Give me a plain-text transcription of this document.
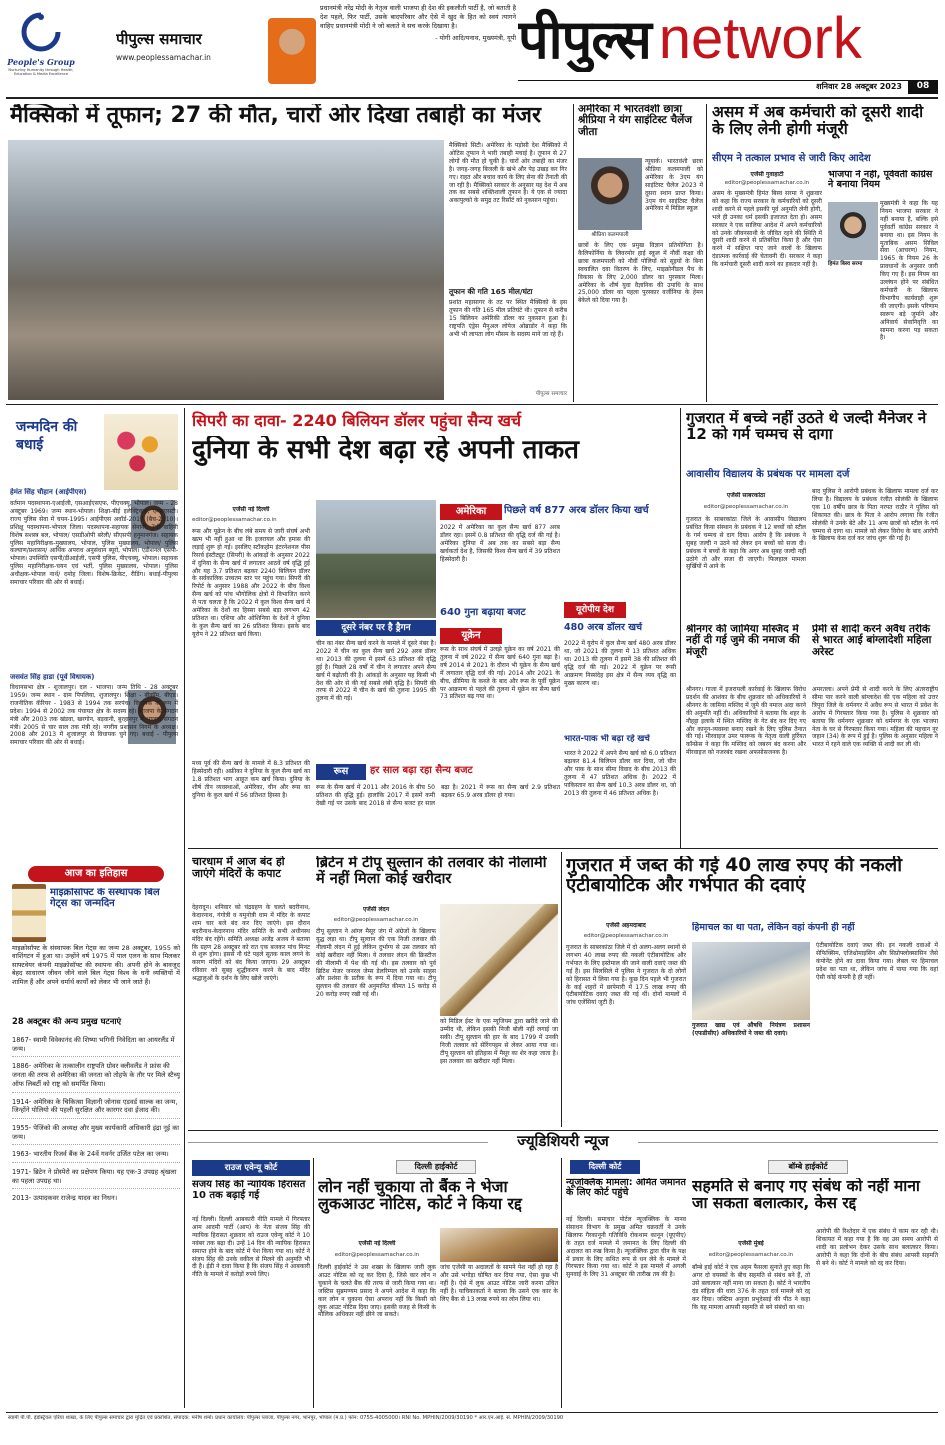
People's Group
Nurturing Humanity through Health, Education & Media Excellence
पीपुल्स समाचार
www.peoplessamachar.in
प्रधानमंत्री नरेंद्र मोदी के नेतृत्व वाली भाजपा ही देश की इकलौती पार्टी है, जो बताती है देश पहले, फिर पार्टी, उसके बादपरिवार और ऐसे में खुद के हित को स्वयं त्यागने वाहिए प्रधानमंत्री मोदी ने जो बलाते वे सच करके दिखाया है।
- योगी आदित्यनाथ, मुख्यमंत्री, यूपी पीपुल्स network
शनिवार 28 अक्टूबर 2023	08
मैक्सिको में तूफान; 27 की मौत, चारों ओर दिखा तबाही का मंजर
मैक्सिको सिटी। अमेरिका के पड़ोसी देश मैक्सिको में ओटिस तूफान ने भारी तबाही मचाई है। तूफान से 27 लोगों की मौत हो चुकी है। चारों ओर तबाही का मंजर है। जगह-जगह बिजली के खंभे और पेड़ उखड़ कर गिर गए। राहत और बचाव कार्य के लिए सेना की तैनाती की जा रही है। मैक्सिको सरकार के अनुसार यह देश में अब तक का सबसे शक्तिशाली तूफान है। ये एक से ज्यादा अकापुल्को के समुद्र तट रिसॉर्ट को नुकसान पहुंचा।
तूफान की गति 165 मील/घंटा
प्रशांत महासागर के तट पर स्थित मैक्सिको के इस तूफान की गति 165 मील प्रतिघंटे थी। तूफान से करीब 15 बिलियन अमेरिकी डॉलर का नुकसान हुआ है। राष्ट्रपति एंड्रेस मैनुअल लोपेज ओब्राडोर ने कहा कि अभी भी लापता लोग मौसम के सदस्य माने जा रहे हैं।
पीपुल्स समाचार
अमेरिका में भारतवंशी छात्रा श्रीप्रिया ने यंग साइंटिस्ट चैलेंज जीता
न्यूयार्क। भारतवंशी छात्रा श्रीप्रिया कलमपाली को अमेरिका के 3एम यंग साइंटिस्ट चैलेंज 2023 में दूसरा स्थान प्राप्त किया। 3एम यंग साइंटिस्ट चैलेंज अमेरिका में मिडिल स्कूल
श्रीप्रिया कलमपाली
छात्रों के लिए एक प्रमुख विज्ञान प्रतियोगिता है। कैलिफोर्निया के लिवरमोर हाई स्कूल में नौवीं कक्षा की छात्रा कलमपाली को नौवीं पोलियों को सूइयों के बिना स्वचालित दवा वितरण के लिए, माइक्रोनीडल पैच के विकास के लिए 2,000 डॉलर का पुरस्कार मिला। अमेरिका के शीर्ष युवा वैज्ञानिक की उपाधि के साथ 25,000 डॉलर का पहला पुरस्कार वर्जीनिया के हेमन बेकेले को दिया गया है।
असम में अब कर्मचारी को दूसरी शादी के लिए लेनी होगी मंजूरी
सीएम ने तत्काल प्रभाव से जारी किए आदेश
एजेंसी गुवाहाटी
editor@peoplessamachar.co.in
असम के मुख्यमंत्री हिमंत बिस्व सरमा ने शुक्रवार को कहा कि राज्य सरकार के कर्मचारियों को दूसरी शादी करने से पहले इसकी पूर्व अनुमति लेनी होगी, भले ही उनका धर्म इसकी इजाजत देता हो। असम सरकार ने एक सालिया आदेश में अपने कर्मचारियों को उनके जीवनसाथी के जीवित रहने की स्थिति में दूसरी शादी करने से प्रतिबंधित किया है और ऐसा करने में सक्षिप्त पाए जाने वालों के खिलाफ दंडात्मक कार्रवाई की चेतावनी दी। सरकार ने कहा कि कर्मचारी दूसरी शादी करने का हकदार नहीं है।
भाजपा ने नहीं, पूर्ववर्ती कांग्रेस ने बनाया नियम
हिमंत बिस्व सरमा
मुख्यमंत्री ने कहा कि यह नियम भाजपा सरकार ने नहीं बनाया है, बल्कि इसे पूर्ववर्ती कांग्रेस सरकार ने बनाया था। इस नियम के मुताबिक असम सिविल सेवा (आचरण) नियम, 1965 के नियम 26 के प्रावधानों के अनुसार जारी किए गए हैं। इस नियम का उल्लंघन होने पर संबंधित कर्मचारी के खिलाफ विभागीय कार्यवाही शुरू की जाएगी। इसके परिणाम स्वरूप बड़े जुर्माने और अनिवार्य सेवानिवृत्ति का सामना करना पड़ सकता है।
जन्मदिन की बधाई
हेमंत सिंह चौहान (आईपीएस)
वर्तमान पदस्थापना-एआईजी, एसआईएसएफ, पीएचक्यू, भोपाल। जन्म - 28 अक्टूबर 1969। जन्म स्थान-भोपाल। शिक्षा-बीई इलेक्ट्रिकल, एमसएसटी। राज्य पुलिस सेवा में चयन-1995। आईपीएस अवॉर्ड-2017 (बैच-2010)। प्रशिक्षु पदस्थापना-भोपाल जिला। पदस्थापना-सहायक सेनानी, 7वीं वाहिनी विशेष सशस्त्र बल, भोपाल/ एसडीओपी बरेली/ सीएसपी हनुमानगंज। सहायक पुलिस महानिरीक्षक-मुख्यालय, भोपाल, पुलिस मुख्यालय, भोपाल/ पुलिस कल्याण/प्रशासन/ आर्थिक अपराध अनुसंधान ब्यूरो, भोपाल। एडीशनल एसपी-भोपाल। उपस्थिति एसपी/डीआईजी, एसपी पुलिस, पीएचक्यू, भोपाल। सहायक पुलिस महानिरीक्षक-चयन एवं भर्ती, पुलिस मुख्यालय, भोपाल। पुलिस अधीक्षक-भोपाल नार्थ/ दमोह जिला। विशेष-क्रिकेट, रीडिंग। बधाई-पीपुल्स समाचार परिवार की ओर से बधाई।
जसवंत सिंह हाडा (पूर्व विधायक)
विधानसभा क्षेत्र - शुजालपुर। दल - भाजपा। जन्म तिथि - 28 अक्टूबर 1959। जन्म स्थान - ग्राम पिपलिया, शुजालपुर। शिक्षा - बीकॉम, बीएड। राजनीतिक कॅरियर - 1983 से 1994 तक सरपंच। विधायक के रूप में प्रदेश। 1994 से 2002 तक पंचायत क्षेत्र के सदस्य रहे। भाजपा के संगठन मंत्री और 2003 तक खंडवा, खरगोन, बड़वानी, बुरहानपुर में भाजपा संगठन मंत्री। 2005 से चार साल तक मंत्री रहे। नगरीय प्रशासन निगम के अध्यक्ष। 2008 और 2013 में शुजालपुर से विधायक चुने गए। बधाई - पीपुल्स समाचार परिवार की ओर से बधाई।
आज का इतिहास
माइक्रोसॉफ्ट के संस्थापक बिल गेट्स का जन्मदिन
माइक्रोसॉफ्ट के संस्थापक बिल गेट्स का जन्म 28 अक्टूबर, 1955 को वाशिंगटन में हुआ था। उन्होंने वर्ष 1975 में पाल एलन के साथ मिलकर साफ्टवेयर कंपनी माइक्रोसॉफ्ट की स्थापना की। अपनी होने के बावजूद बेहद साधारण जीवन जीने वाले बिल गेट्स विश्व के धनी व्यक्तियों में शामिल हैं और अपने धर्मार्थ कार्यों को लेकर भी जाने जाते हैं।
28 अक्टूबर की अन्य प्रमुख घटनाएं
1867- स्वामी विवेकानंद की शिष्या भगिनी निवेदिता का आयरलैंड में जन्म।
1886- अमेरिका के तत्कालीन राष्ट्रपति ग्रोवर क्लीवलैंड ने फ्रांस की जनता की तरफ से अमेरिका की जनता को तोहफे के तौर पर मिले स्टैच्यू ऑफ लिबर्टी को राष्ट्र को समर्पित किया।
1914- अमेरिका के चिकित्सा विज्ञानी जोनास एडवर्ड साल्क का जन्म, जिन्होंने पोलियो की पहली सुरक्षित और कारगर दवा ईजाद की।
1955- पेजिंको की अध्यक्ष और मुख्य कार्यकारी अधिकारी इंद्रा नूई का जन्म।
1963- भारतीय रिजर्व बैंक के 24वें गवर्नर उर्जित पटेल का जन्म।
1971- ब्रिटेन ने प्रोस्पेरो का प्रक्षेपण किया। यह एक-3 उपग्रह श्रृंखला का पहला उपग्रह था।
2013- उत्पादकवर राजेन्द्र यादव का निधन।
सिपरी का दावा- 2240 बिलियन डॉलर पहुंचा सैन्य खर्च
दुनिया के सभी देश बढ़ा रहे अपनी ताकत
एजेंसी नई दिल्ली
editor@peoplessamachar.co.in
रूस और यूक्रेन के बीच लंबे समय से जारी संघर्ष अभी खत्म भी नहीं हुआ था कि इजरायल और हमास की लड़ाई शुरू हो गई। इसलिए स्टॉकहोम इंटरनेशनल पीस रिसर्च इंस्टीट्यूट (सिपरी) के आंकड़ों के अनुसार 2022 में दुनिया के सैन्य खर्च में लगातार आठवें वर्ष वृद्धि हुई और यह 3.7 प्रतिशत बढ़कर 2240 बिलियन डॉलर के सर्वकालिक उच्चतम स्तर पर पहुंच गया। सिपरी की रिपोर्ट के अनुसार 1988 और 2022 के बीच विश्व सैन्य खर्च को पांच भौगोलिक क्षेत्रों में विभाजित करने से पता चलता है कि 2022 में कुल विश्व सैन्य खर्च में अमेरिका के देशों का हिस्सा सबसे बड़ा लगभग 42 प्रतिशत था। एशिया और ओशिनिया के देशों ने दुनिया के कुल सैन्य खर्च का 26 प्रतिशत किया। इसके बाद यूरोप ने 22 प्रतिशत खर्च किया।
मध्य पूर्व की सैन्य खर्च के मामले में 8.3 प्रतिशत की हिस्सेदारी रही। अफ्रीका ने दुनिया के कुल सैन्य खर्च का 1.8 प्रतिशत भाग आहूत कम खर्च किया। दुनिया के शीर्ष तीन व्यवस्थाओं, अमेरिका, चीन और रूस का दुनिया के कुल खर्च में 56 प्रतिशत हिस्सा है।
दूसरे नंबर पर है ड्रैगन
चीन का नंबर सैन्य खर्च करने के मामले में दूसरे नंबर है। 2022 में चीन का कुल सैन्य खर्च 292 अरब डॉलर था। 2013 की तुलना में इसमें 63 प्रतिशत की वृद्धि हुई है। पिछले 28 वर्षों में चीन ने लगातार अपने सैन्य खर्च में बढ़ोतरी की है। आंकड़ों के अनुसार यह किसी भी देश की ओर से की गई सबसे लंबी वृद्धि है। सिपरी की तरफ से 2022 में चीन के खर्च की तुलना 1995 की तुलना में की गई।
अमेरिका	पिछले वर्ष 877 अरब डॉलर किया खर्च
2022 में अमेरिका का कुल सैन्य खर्च 877 अरब डॉलर रहा। इसमें 0.8 प्रतिशत की वृद्धि दर्ज की गई है। अमेरिका दुनिया में अब तक का सबसे बड़ा सैन्य खर्चकर्ता देश है, जिसकी विश्व सैन्य खर्च में 39 प्रतिशत हिस्सेदारी है।
640 गुना बढ़ाया बजट
यूक्रेन
रूस के साथ संघर्ष में उलझे यूक्रेन का वर्ष 2021 की तुलना में वर्ष 2022 में सैन्य खर्च 640 गुना बढ़ा है। वर्ष 2014 से 2021 के दौरान भी यूक्रेन के सैन्य खर्च में लगातार वृद्धि दर्ज की गई। 2014 और 2021 के बीच, क्रीमिया के कब्जे के बाद और रूस के पूर्वी यूक्रेन पर आक्रमण से पहले की तुलना में यूक्रेन का सैन्य खर्च 73 प्रतिशत बढ़ गया था।
यूरोपीय देश
480 अरब डॉलर खर्च
2022 में यूरोप में कुल सैन्य खर्च 480 अरब डॉलर था, जो 2021 की तुलना में 13 प्रतिशत अधिक था। 2013 की तुलना में इसमें 38 की प्रतिशत की वृद्धि दर्ज की गई। 2022 में यूक्रेन पर रूसी आक्रमण निस्संदेह इस क्षेत्र में सैन्य व्यय वृद्धि का मुख्य कारण था।
भारत-पाक भी बढ़ा रहे खर्च
भारत ने 2022 में अपने सैन्य खर्च को 6.0 प्रतिशत बढ़ाकर 81.4 बिलियन डॉलर कर दिया, जो चीन और पाक के साथ सीमा विवाद के बीच 2013 की तुलना में 47 प्रतिशत अधिक है। 2022 में पाकिस्तान का सैन्य खर्च 10.3 अरब डॉलर था, जो 2013 की तुलना में 46 प्रतिशत अधिक है।
रूस	हर साल बढ़ा रहा सैन्य बजट
रूस के सैन्य खर्च में 2011 और 2016 के बीच 50 प्रतिशत की वृद्धि हुई। हालांकि 2017 में इसमें कमी देखी गई पर उसके बाद 2018 से सैन्य बजट हर साल बढ़ा है। 2021 में रूस का सैन्य खर्च 2.9 प्रतिशत बढ़कर 65.9 अरब डॉलर हो गया।
गुजरात में बच्चे नहीं उठते थे जल्दी मैनेजर ने 12 को गर्म चम्मच से दागा
आवासीय विद्यालय के प्रबंधक पर मामला दर्ज
एजेंसी साबरकांठा
editor@peoplessamachar.co.in
गुजरात के साबरकांठा जिले के आवासीय विद्यालय प्रबंधित किया संस्थान के प्रबंधक ने 12 बच्चों को स्टील के गर्म चम्मच से दाग दिया। आरोप है कि प्रबंधक ने सुबह जल्दी न उठने को लेकर इन बच्चों को सजा दी। प्रबंधक ने बच्चों के कहा कि अगर अब सुबह जल्दी नहीं उठोगे तो और सजा दी जाएगी। फिलहाल मामला सुर्खियों में आने के
बाद पुलिस ने आरोपी प्रबंधक के खिलाफ मामला दर्ज कर लिया है। विद्यालय के प्रबंधक रंजीत सोलंकी के खिलाफ एक 10 वर्षीय छात्र के पिता नरपत राठौर ने पुलिस को शिकायत की। छात्र के पिता ने आरोप लगाया कि रंजीत सोलंकी ने उनके बेटे और 11 अन्य छात्रों को स्टील के गर्म चम्मच से दागा था। मामले को लेकर विरोध के बाद आरोपी के खिलाफ केस दर्ज कर जांच शुरू की गई है।
श्रीनगर की जामिया मस्जिद में नहीं दी गई जुमे की नमाज की मंजूरी
श्रीनगर। गाजा में इजरायली कार्रवाई के खिलाफ विरोध प्रदर्शन की आशंका के बीच शुक्रवार को अधिकारियों ने श्रीनगर के जामिया मस्जिद में जुमे की नमाज अदा करने की अनुमति नहीं दी। अधिकारियों ने बताया कि शहर के नौहट्टा इलाके में स्थित मस्जिद के गेट बंद कर दिए गए और कानून-व्यवस्था बनाए रखने के लिए पुलिस तैनात की गई। मीरवाइज उमर फारूक के नेतृत्व वाली हुर्रियत कॉन्फ्रेंस ने कहा कि मस्जिद को जबरन बंद करना और मीरवाइज को नजरबंद रखना अफसोसजनक है।
प्रेमी से शादी करने अवैध तरीके से भारत आई बांग्लादेशी महिला अरेस्ट
अमरतला। अपने प्रेमी से शादी करने के लिए अंतरराष्ट्रीय सीमा पार करने वाली बांग्लादेश की एक महिला को उत्तर त्रिपुरा जिले के धर्मनगर में अवैध रूप से भारत में प्रवेश के आरोप में गिरफ्तार किया गया है। पुलिस ने शुक्रवार को बताया कि धर्मनगर शुक्रवार को धर्मनगर के एक भाजपा नेता के घर से गिरफ्तार किया गया। महिला की पहचान नूर जहान (34) के रूप में हुई है। पुलिस के अनुसार महिला ने भारत में रहने वाले एक व्यक्ति से शादी कर ली थी।
चारधाम में आज बंद हो जाएंगे मंदिरों के कपाट
देहरादून। शनिवार को चंद्रग्रहण के चलते बदरीनाथ, केदारनाथ, गंगोत्री व यमुनोत्री धाम में मंदिर के कपाट शाम चार बजे बंद कर दिए जाएंगे। इस दौरान बदरीनाथ-केदारनाथ मंदिर समिति के सभी अधीनस्थ मंदिर बंद रहेंगे। समिति अध्यक्ष अजेंद्र अजय ने बताया कि ग्रहण 28 अक्टूबर को रात एक बजकर पांच मिनट से शुरू होगा। इससे नौ घंटे पहले सूतक काल लगने के कारण मंदिरों को बंद किया जाएगा। 29 अक्टूबर रविवार को सुबह शुद्धीकरण करने के बाद मंदिर श्रद्धालुओं के दर्शन के लिए खोले जाएंगे।
ब्रिटेन में टीपू सुल्तान की तलवार की नीलामी में नहीं मिला कोई खरीदार
एजेंसी लंदन
editor@peoplessamachar.co.in
टीपू सुल्तान ने आंग्ल मैसूर जंग में अंग्रेजों के खिलाफ युद्ध लड़ा था। टीपू सुल्तान की एक निजी तलवार की नीलामी लंदन में हुई लेकिन दुर्भाग्य से उस तलवार को कोई खरीदार नहीं मिला। ये तलवार लंदन की क्रिस्टीज की नीलामी में पेश की गई थी। इस तलवार को पूर्व ब्रिटिश मेजर जनरल जेम्स डेलरिम्पल को उनके साहस और प्रशंसा के प्रतीक के रूप में दिया गया था। टीपू सुल्तान की तलवार की अनुमानित कीमत 15 करोड़ से 20 करोड़ रुपए रखी गई थी।
को मिडिल ईस्ट के एक म्यूजियम द्वारा खरीदे जाने की उम्मीद थी, लेकिन इसकी निजी बोली नहीं लगाई जा सकी। टीपू सुल्तान की हार के बाद 1799 में उनकी निजी तलवार को सेरिंगपट्टम से लेकर आया गया था। टीपू सुल्तान को इतिहास में मैसूर का शेर कहा जाता है। इस तलवार का खरीदार नहीं मिला।
गुजरात में जब्त की गई 40 लाख रुपए की नकली एंटीबायोटिक और गर्भपात की दवाएं
एजेंसी अहमदाबाद
editor@peoplessamachar.co.in
हिमाचल का था पता, लेकिन वहां कंपनी ही नहीं
गुजरात के साबरकांठा जिले में दो अलग-अलग स्थानों से लगभग 40 लाख रुपए की नकली एंटीबायोटिक और गर्भपात के लिए इस्तेमाल की जाने वाली दवाएं जब्त की गई हैं। इस सिलसिले में पुलिस ने गुजरात के दो लोगों को हिरासत में लिया गया है। कुछ दिन पहले भी गुजरात के कई शहरों में छापेमारी में 17.5 लाख रुपए की एंटीबायोटिक दवाएं जब्त की गई थीं। दोनों मामलों में जांच एजेंसियां जुटी हैं।
गुजरात खाद्य एवं औषधि नियंत्रण प्रशासन (एफडीसीए) अधिकारियों ने जब्त की दवाएं।
एंटीबायोटिक दवाएं जब्त की। इन नकली दवाओं में सेफिक्सिम, एजिथ्रोमाइसिन और सिप्रोफ्लोक्सासिन जैसे कंपोनेंट होने का दावा किया गया। लेबल पर हिमाचल प्रदेश का पता था, लेकिन जांच में पाया गया कि वहां ऐसी कोई कंपनी है ही नहीं।
ज्यूडिशियरी न्यूज
राउज एवेन्यू कोर्ट
संजय सिंह की न्यायिक हिरासत 10 तक बढ़ाई गई
नई दिल्ली। दिल्ली आबकारी नीति मामले में गिरफ्तार आम आदमी पार्टी (आप) के नेता संजय सिंह की न्यायिक हिरासत शुक्रवार को राउज एवेन्यू कोर्ट ने 10 नवंबर तक बढ़ा दी। उन्हें 14 दिन की न्यायिक हिरासत समाप्त होने के बाद कोर्ट में पेश किया गया था। कोर्ट ने संजय सिंह की उनके वकील से मिलने की अनुमति भी दी है। ईडी ने दावा किया है कि संजय सिंह ने आबकारी नीति के मामले में करोड़ों रुपये लिए।
दिल्ली हाईकोर्ट
लोन नहीं चुकाया तो बैंक ने भेजा लुकआउट नोटिस, कोर्ट ने किया रद्द
एजेंसी नई दिल्ली
editor@peoplessamachar.co.in
दिल्ली हाईकोर्ट ने उस शख्स के खिलाफ जारी लुक आउट नोटिस को रद्द कर दिया है, जिसे कार लोन न चुकाने के चलते बैंक की तरफ से जारी किया गया था। जस्टिस सुब्रमण्यम प्रसाद ने अपने आदेश में कहा कि कार लोन न चुकाना ऐसा अपराध नहीं कि किसी को लुक आउट नोटिस दिया जाए। इसकी वजह से किसी के मौलिक अधिकार नहीं छीने जा सकते।
जांच एजेंसी या अदालतों के सामने पेश नहीं हो रहा है और उसे भगोड़ा घोषित कर दिया गया, ऐसा कुछ भी नहीं है। ऐसे में लुक आउट नोटिस जारी करना उचित नहीं है। याचिकाकर्ता ने बताया कि उसने एक कार के लिए बैंक से 13 लाख रुपये का लोन लिया था।
दिल्ली कोर्ट
न्यूजक्लिक मामला: अमित जमानत के लिए कोर्ट पहुंचे
नई दिल्ली। समाचार पोर्टल न्यूजक्लिक के मानव संसाधन विभाग के प्रमुख अमित चक्रवर्ती ने उनके खिलाफ गैरकानूनी गतिविधि रोकथाम कानून (यूएपीए) के तहत दर्ज मामले में जमानत के लिए दिल्ली की अदालत का रुख किया है। न्यूजक्लिक द्वारा चीन के पक्ष में प्रचार के लिए कथित रूप से धन लेने के मामले में गिरफ्तार किया गया था। कोर्ट ने इस मामले में अगली सुनवाई के लिए 31 अक्टूबर की तारीख तय की है।
बॉम्बे हाईकोर्ट
सहमति से बनाए गए संबंध को नहीं माना जा सकता बलात्कार, केस रद्द
एजेंसी मुंबई
editor@peoplessamachar.co.in
बॉम्बे हाई कोर्ट ने एक अहम फैसला सुनाते हुए कहा कि अगर दो वयस्कों के बीच सहमति से संबंध बने हैं, तो उसे बलात्कार नहीं माना जा सकता है। कोर्ट ने भारतीय दंड संहिता की धारा 376 के तहत दर्ज मामले को रद्द कर दिया। जस्टिस अनुजा प्रभुदेसाई की पीठ ने कहा कि यह मामला आपसी सहमति से बने संबंधों का था।
आरोपी की रिश्तेदार में एक संबंध में काम कर रही थी। शिकायत में कहा गया है कि वह उस समय आरोपी से शादी का प्रलोभन देकर उसके साथ बलात्कार किया। आरोपी ने कहा कि दोनों के बीच संबंध आपसी सहमति से बने थे। कोर्ट ने मामले को रद्द कर दिया।
स्वामी पी.पी. इंडस्ट्रियल एरिया शाखा, के लिए पीपुल्स समाचार द्वारा मुद्रित एवं प्रकाशित, संपादक: मनीष शर्मा। प्रधान कार्यालय: पीपुल्स प्लाजा, पीपुल्स नगर, भानपुर, भोपाल (म.प्र.) फोन: 0755-4005000। RNI No. MPHIN/2009/30190 * आर.एन.आई. सं. MPHIN/2009/30190
